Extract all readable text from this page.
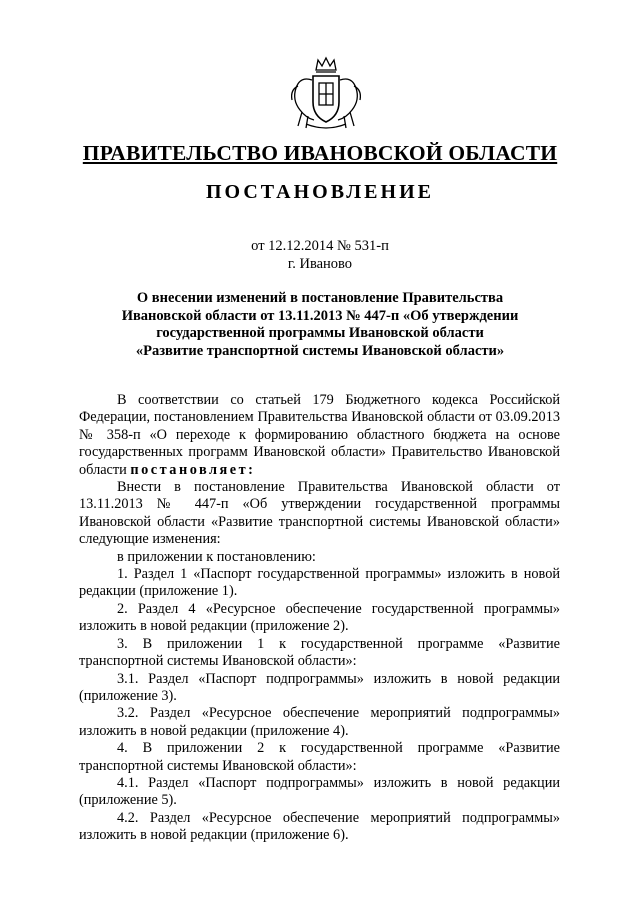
ПРАВИТЕЛЬСТВО ИВАНОВСКОЙ ОБЛАСТИ
ПОСТАНОВЛЕНИЕ
от 12.12.2014 № 531-п
г. Иваново
О внесении изменений в постановление Правительства
Ивановской области от 13.11.2013 № 447-п «Об утверждении
государственной программы Ивановской области
«Развитие транспортной системы Ивановской области»

В соответствии со статьей 179 Бюджетного кодекса Российской Федерации, постановлением Правительства Ивановской области от 03.09.2013 № 358-п «О переходе к формированию областного бюджета на основе государственных программ Ивановской области» Правительство Ивановской области постановляет:

Внести в постановление Правительства Ивановской области от 13.11.2013 № 447-п «Об утверждении государственной программы Ивановской области «Развитие транспортной системы Ивановской области» следующие изменения:

в приложении к постановлению:

1. Раздел 1 «Паспорт государственной программы» изложить в новой редакции (приложение 1).

2. Раздел 4 «Ресурсное обеспечение государственной программы» изложить в новой редакции (приложение 2).

3. В приложении 1 к государственной программе «Развитие транспортной системы Ивановской области»:

3.1. Раздел «Паспорт подпрограммы» изложить в новой редакции (приложение 3).

3.2. Раздел «Ресурсное обеспечение мероприятий подпрограммы» изложить в новой редакции (приложение 4).

4. В приложении 2 к государственной программе «Развитие транспортной системы Ивановской области»:

4.1. Раздел «Паспорт подпрограммы» изложить в новой редакции (приложение 5).

4.2. Раздел «Ресурсное обеспечение мероприятий подпрограммы» изложить в новой редакции (приложение 6).
